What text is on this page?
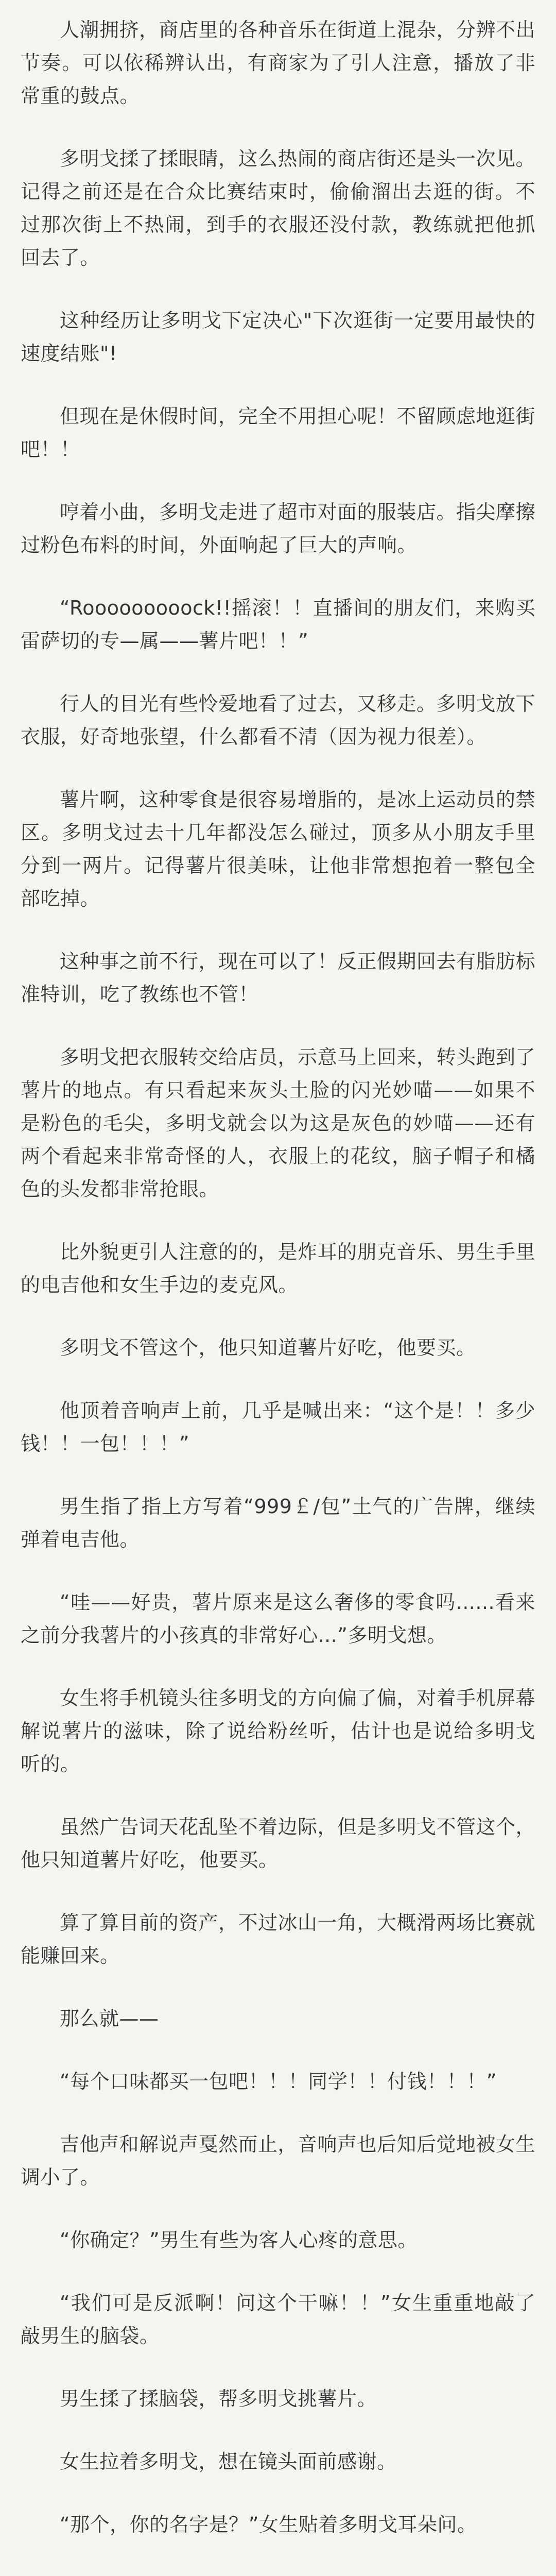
人潮拥挤，商店里的各种音乐在街道上混杂，分辨不出节奏。可以依稀辨认出，有商家为了引人注意，播放了非常重的鼓点。

多明戈揉了揉眼睛，这么热闹的商店街还是头一次见。记得之前还是在合众比赛结束时，偷偷溜出去逛的街。不过那次街上不热闹，到手的衣服还没付款，教练就把他抓回去了。

这种经历让多明戈下定决心"下次逛街一定要用最快的速度结账"!

但现在是休假时间，完全不用担心呢！不留顾虑地逛街吧！！

哼着小曲，多明戈走进了超市对面的服装店。指尖摩擦过粉色布料的时间，外面响起了巨大的声响。

“Rooooooooock!!摇滚！！直播间的朋友们，来购买雷萨切的专—属——薯片吧！！”

行人的目光有些怜爱地看了过去，又移走。多明戈放下衣服，好奇地张望，什么都看不清（因为视力很差）。

薯片啊，这种零食是很容易增脂的，是冰上运动员的禁区。多明戈过去十几年都没怎么碰过，顶多从小朋友手里分到一两片。记得薯片很美味，让他非常想抱着一整包全部吃掉。

这种事之前不行，现在可以了！反正假期回去有脂肪标准特训，吃了教练也不管！

多明戈把衣服转交给店员，示意马上回来，转头跑到了薯片的地点。有只看起来灰头土脸的闪光妙喵——如果不是粉色的毛尖，多明戈就会以为这是灰色的妙喵——还有两个看起来非常奇怪的人，衣服上的花纹，脑子帽子和橘色的头发都非常抢眼。

比外貌更引人注意的的，是炸耳的朋克音乐、男生手里的电吉他和女生手边的麦克风。

多明戈不管这个，他只知道薯片好吃，他要买。

他顶着音响声上前，几乎是喊出来：“这个是！！多少钱！！一包！！！”

男生指了指上方写着“999￡/包”土气的广告牌，继续弹着电吉他。

“哇——好贵，薯片原来是这么奢侈的零食吗......看来之前分我薯片的小孩真的非常好心...”多明戈想。

女生将手机镜头往多明戈的方向偏了偏，对着手机屏幕解说薯片的滋味，除了说给粉丝听，估计也是说给多明戈听的。

虽然广告词天花乱坠不着边际，但是多明戈不管这个，他只知道薯片好吃，他要买。

算了算目前的资产，不过冰山一角，大概滑两场比赛就能赚回来。

那么就——

“每个口味都买一包吧！！！同学！！付钱！！！”

吉他声和解说声戛然而止，音响声也后知后觉地被女生调小了。

“你确定？”男生有些为客人心疼的意思。

“我们可是反派啊！问这个干嘛！！”女生重重地敲了敲男生的脑袋。

男生揉了揉脑袋，帮多明戈挑薯片。

女生拉着多明戈，想在镜头面前感谢。

“那个，你的名字是？”女生贴着多明戈耳朵问。
